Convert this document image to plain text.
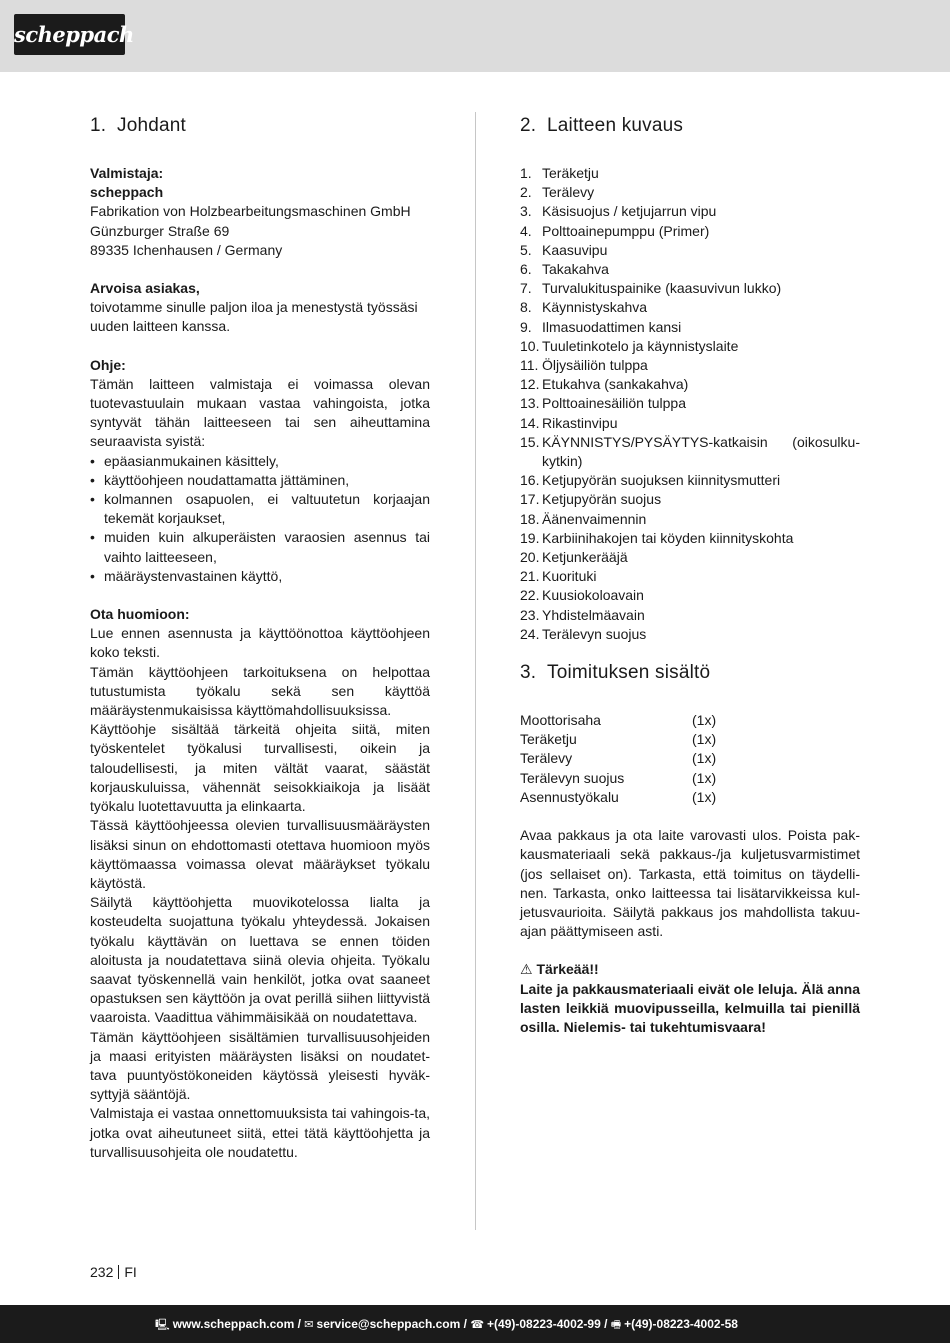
scheppach
1. Johdant

Valmistaja:

scheppach

Fabrikation von Holzbearbeitungsmaschinen GmbH

Günzburger Straße 69

89335 Ichenhausen / Germany

Arvoisa asiakas,

toivotamme sinulle paljon iloa ja menestystä työssäsi uuden laitteen kanssa.

Ohje:

Tämän laitteen valmistaja ei voimassa olevan tuotevastuulain mukaan vastaa vahingoista, jotka syntyvät tähän laitteeseen tai sen aiheuttamina seuraavista syistä:

• epäasianmukainen käsittely,
• käyttöohjeen noudattamatta jättäminen,
• kolmannen osapuolen, ei valtuutetun korjaajan tekemät korjaukset,
• muiden kuin alkuperäisten varaosien asennus tai vaihto laitteeseen,
• määräystenvastainen käyttö,

Ota huomioon:

Lue ennen asennusta ja käyttöönottoa käyttöohjeen koko teksti.

Tämän käyttöohjeen tarkoituksena on helpottaa tutustumista työkalu sekä sen käyttöä määräystenmukaisissa käyttömahdollisuuksissa.

Käyttöohje sisältää tärkeitä ohjeita siitä, miten työskentelet työkalusi turvallisesti, oikein ja taloudellisesti, ja miten vältät vaarat, säästät korjauskuluissa, vähennät seisokkiaikoja ja lisäät työkalu luotettavuutta ja elinkaarta.

Tässä käyttöohjeessa olevien turvallisuusmääräysten lisäksi sinun on ehdottomasti otettava huomioon myös käyttömaassa voimassa olevat määräykset työkalu käytöstä.

Säilytä käyttöohjetta muovikotelossa lialta ja kosteudelta suojattuna työkalu yhteydessä. Jokaisen työkalu käyttävän on luettava se ennen töiden aloitusta ja noudatettava siinä olevia ohjeita. Työkalu saavat työskennellä vain henkilöt, jotka ovat saaneet opastuksen sen käyttöön ja ovat perillä siihen liittyvistä vaaroista. Vaadittua vähimmäisikää on noudatettava.

Tämän käyttöohjeen sisältämien turvallisuusohjeiden ja maasi erityisten määräysten lisäksi on noudatet-tava puuntyöstökoneiden käytössä yleisesti hyväk-syttyjä sääntöjä.

Valmistaja ei vastaa onnettomuuksista tai vahingois-ta, jotka ovat aiheutuneet siitä, ettei tätä käyttöohjetta ja turvallisuusohjeita ole noudatettu.

2. Laitteen kuvaus
1. Teräketju
2. Terälevy
3. Käsisuojus / ketjujarrun vipu
4. Polttoainepumppu (Primer)
5. Kaasuvipu
6. Takakahva
7. Turvalukituspainike (kaasuvivun lukko)
8. Käynnistyskahva
9. Ilmasuodattimen kansi
10. Tuuletinkotelo ja käynnistyslaite
11. Öljysäiliön tulppa
12. Etukahva (sankakahva)
13. Polttoainesäiliön tulppa
14. Rikastinvipu
15. KÄYNNISTYS/PYSÄYTYS-katkaisin (oikosulku-kytkin)
16. Ketjupyörän suojuksen kiinnitysmutteri
17. Ketjupyörän suojus
18. Äänenvaimennin
19. Karbiinihakojen tai köyden kiinnityskohta
20. Ketjunkerääjä
21. Kuorituki
22. Kuusiokoloavain
23. Yhdistelmäavain
24. Terälevyn suojus
3. Toimituksen sisältö
Moottorisaha	(1x)
Teräketju	(1x)
Terälevy	(1x)
Terälevyn suojus	(1x)
Asennustyökalu	(1x)

Avaa pakkaus ja ota laite varovasti ulos. Poista pak-kausmateriaali sekä pakkaus-/ja kuljetusvarmistimet (jos sellaiset on). Tarkasta, että toimitus on täydelli-nen. Tarkasta, onko laitteessa tai lisätarvikkeissa kul-jetusvaurioita. Säilytä pakkaus jos mahdollista takuu-ajan päättymiseen asti.

⚠ Tärkeää!!

Laite ja pakkausmateriaali eivät ole leluja. Älä anna lasten leikkiä muovipusseilla, kelmuilla tai pienillä osilla. Nielemis- tai tukehtumisvaara!

232 FI
🖳 www.scheppach.com / ✉ service@scheppach.com / ☎ +(49)-08223-4002-99 / 🖷 +(49)-08223-4002-58
